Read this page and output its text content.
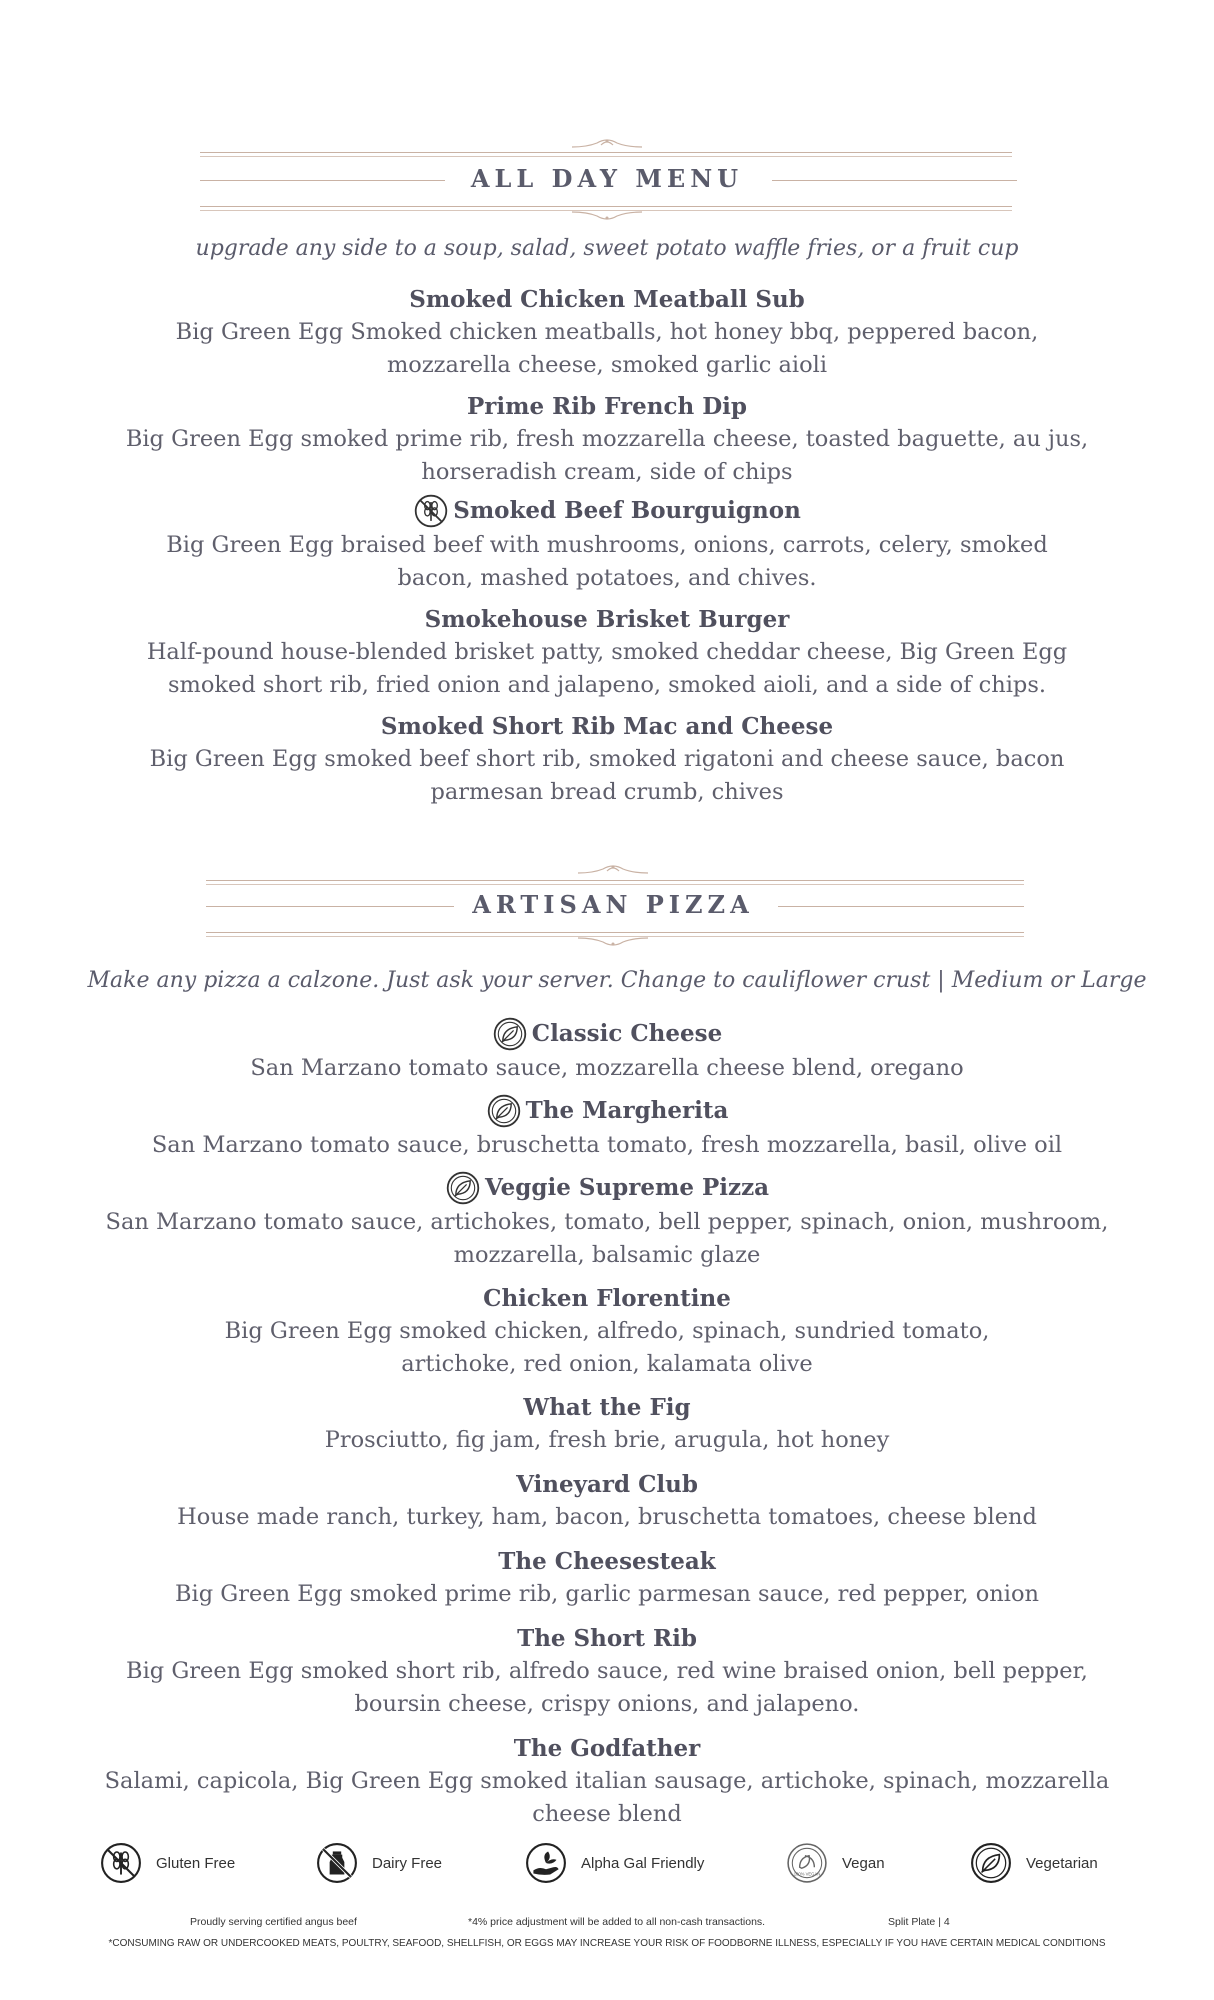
ALL DAY MENU
upgrade any side to a soup, salad, sweet potato waffle fries, or a fruit cup
Smoked Chicken Meatball Sub
Big Green Egg Smoked chicken meatballs, hot honey bbq, peppered bacon,
mozzarella cheese, smoked garlic aioli
Prime Rib French Dip
Big Green Egg smoked prime rib, fresh mozzarella cheese, toasted baguette, au jus,
horseradish cream, side of chips
Smoked Beef Bourguignon
Big Green Egg braised beef with mushrooms, onions, carrots, celery, smoked
bacon, mashed potatoes, and chives.
Smokehouse Brisket Burger
Half-pound house-blended brisket patty, smoked cheddar cheese, Big Green Egg
smoked short rib, fried onion and jalapeno, smoked aioli, and a side of chips.
Smoked Short Rib Mac and Cheese
Big Green Egg smoked beef short rib, smoked rigatoni and cheese sauce, bacon
parmesan bread crumb, chives
ARTISAN PIZZA
Make any pizza a calzone. Just ask your server. Change to cauliflower crust | Medium or Large
Classic Cheese
San Marzano tomato sauce, mozzarella cheese blend, oregano
The Margherita
San Marzano tomato sauce, bruschetta tomato, fresh mozzarella, basil, olive oil
Veggie Supreme Pizza
San Marzano tomato sauce, artichokes, tomato, bell pepper, spinach, onion, mushroom,
mozzarella, balsamic glaze
Chicken Florentine
Big Green Egg smoked chicken, alfredo, spinach, sundried tomato,
artichoke, red onion, kalamata olive
What the Fig
Prosciutto, fig jam, fresh brie, arugula, hot honey
Vineyard Club
House made ranch, turkey, ham, bacon, bruschetta tomatoes, cheese blend
The Cheesesteak
Big Green Egg smoked prime rib, garlic parmesan sauce, red pepper, onion
The Short Rib
Big Green Egg smoked short rib, alfredo sauce, red wine braised onion, bell pepper,
boursin cheese, crispy onions, and jalapeno.
The Godfather
Salami, capicola, Big Green Egg smoked italian sausage, artichoke, spinach, mozzarella
cheese blend
Gluten Free	Dairy Free	Alpha Gal Friendly
100% VEGAN
Vegan	Vegetarian
Proudly serving certified angus beef	*4% price adjustment will be added to all non-cash transactions.	Split Plate | 4
*CONSUMING RAW OR UNDERCOOKED MEATS, POULTRY, SEAFOOD, SHELLFISH, OR EGGS MAY INCREASE YOUR RISK OF FOODBORNE ILLNESS, ESPECIALLY IF YOU HAVE CERTAIN MEDICAL CONDITIONS
